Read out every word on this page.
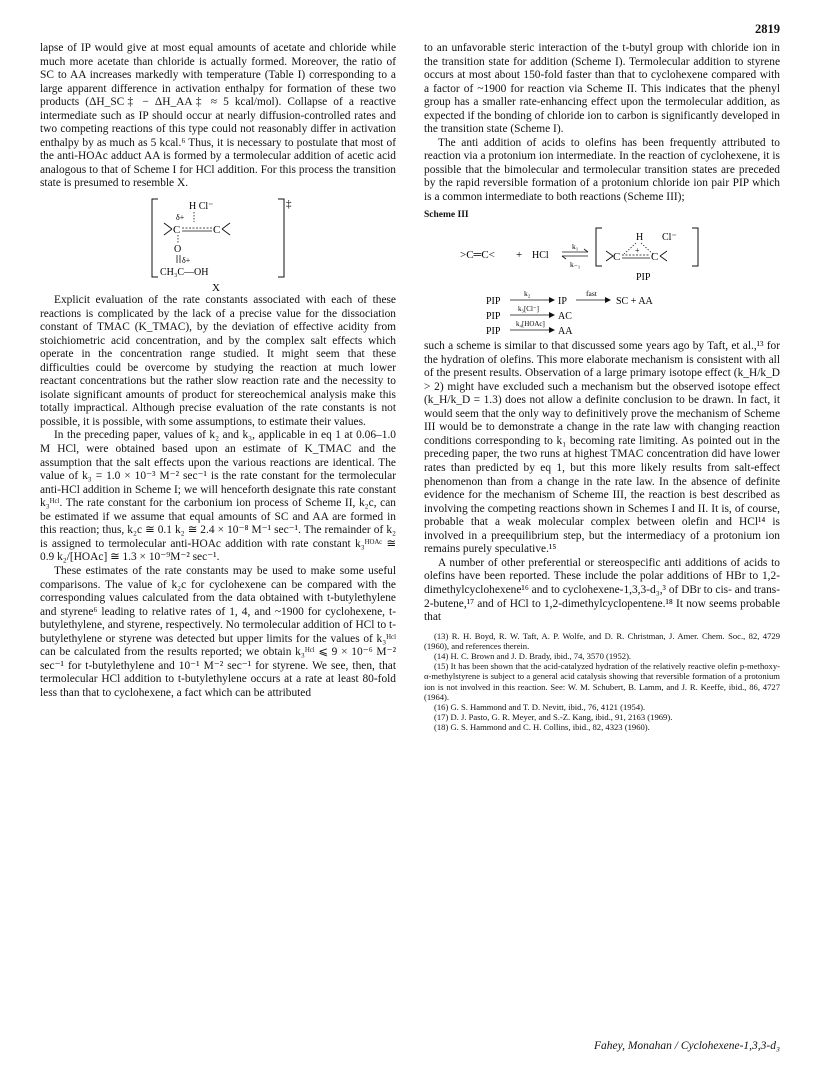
2819

lapse of IP would give at most equal amounts of acetate and chloride while much more acetate than chloride is actually formed. Moreover, the ratio of SC to AA increases markedly with temperature (Table I) corresponding to a large apparent difference in activation enthalpy for formation of these two products (ΔH_SC‡ − ΔH_AA‡ ≈ 5 kcal/mol). Collapse of a reactive intermediate such as IP should occur at nearly diffusion-controlled rates and two competing reactions of this type could not reasonably differ in activation enthalpy by as much as 5 kcal.⁶ Thus, it is necessary to postulate that most of the anti-HOAc adduct AA is formed by a termolecular addition of acetic acid analogous to that of Scheme I for HCl addition. For this process the transition state is presumed to resemble X.

H Cl⁻	‡
δ+
C	C
O
δ+
CH₃C—OH
X

Explicit evaluation of the rate constants associated with each of these reactions is complicated by the lack of a precise value for the dissociation constant of TMAC (K_TMAC), by the deviation of effective acidity from stoichiometric acid concentration, and by the complex salt effects which operate in the concentration range studied. It might seem that these difficulties could be overcome by studying the reaction at much lower reactant concentrations but the rather slow reaction rate and the necessity to isolate significant amounts of product for stereochemical analysis make this totally impractical. Although precise evaluation of the rate constants is not possible, it is possible, with some assumptions, to estimate their values.

In the preceding paper, values of k₂ and k₃, applicable in eq 1 at 0.06–1.0 M HCl, were obtained based upon an estimate of K_TMAC and the assumption that the salt effects upon the various reactions are identical. The value of k₃ = 1.0 × 10⁻³ M⁻² sec⁻¹ is the rate constant for the termolecular anti-HCl addition in Scheme I; we will henceforth designate this rate constant k₃ᴴᶜˡ. The rate constant for the carbonium ion process of Scheme II, k₂c, can be estimated if we assume that equal amounts of SC and AA are formed in this reaction; thus, k₂c ≅ 0.1 k₂ ≅ 2.4 × 10⁻⁸ M⁻¹ sec⁻¹. The remainder of k₂ is assigned to termolecular anti-HOAc addition with rate constant k₃ᴴᴼᴬᶜ ≅ 0.9 k₂/[HOAc] ≅ 1.3 × 10⁻⁹M⁻² sec⁻¹.

These estimates of the rate constants may be used to make some useful comparisons. The value of k₂c for cyclohexene can be compared with the corresponding values calculated from the data obtained with t-butylethylene and styrene⁶ leading to relative rates of 1, 4, and ~1900 for cyclohexene, t-butylethylene, and styrene, respectively. No termolecular addition of HCl to t-butylethylene or styrene was detected but upper limits for the values of k₃ᴴᶜˡ can be calculated from the results reported; we obtain k₃ᴴᶜˡ ⩽ 9 × 10⁻⁶ M⁻² sec⁻¹ for t-butylethylene and 10⁻¹ M⁻² sec⁻¹ for styrene. We see, then, that termolecular HCl addition to t-butylethylene occurs at a rate at least 80-fold less than that to cyclohexene, a fact which can be attributed

to an unfavorable steric interaction of the t-butyl group with chloride ion in the transition state for addition (Scheme I). Termolecular addition to styrene occurs at most about 150-fold faster than that to cyclohexene compared with a factor of ~1900 for reaction via Scheme II. This indicates that the phenyl group has a smaller rate-enhancing effect upon the termolecular addition, as expected if the bonding of chloride ion to carbon is significantly developed in the transition state (Scheme I).

The anti addition of acids to olefins has been frequently attributed to reaction via a protonium ion intermediate. In the reaction of cyclohexene, it is possible that the bimolecular and termolecular transition states are preceded by the rapid reversible formation of a protonium chloride ion pair PIP which is a common intermediate to both reactions (Scheme III);

Scheme III
>C═C< + HCl
k₁
k₋₁
H Cl⁻
+
C	C
PIP
PIP
k₂
IP
fast
SC + AA
PIP
k₃[Cl⁻]
AC
PIP
k₄[HOAc]
AA

such a scheme is similar to that discussed some years ago by Taft, et al.,¹³ for the hydration of olefins. This more elaborate mechanism is consistent with all of the present results. Observation of a large primary isotope effect (k_H/k_D > 2) might have excluded such a mechanism but the observed isotope effect (k_H/k_D = 1.3) does not allow a definite conclusion to be drawn. In fact, it would seem that the only way to definitively prove the mechanism of Scheme III would be to demonstrate a change in the rate law with changing reaction conditions corresponding to k₁ becoming rate limiting. As pointed out in the preceding paper, the two runs at highest TMAC concentration did have lower rates than predicted by eq 1, but this more likely results from salt-effect phenomenon than from a change in the rate law. In the absence of definite evidence for the mechanism of Scheme III, the reaction is best described as involving the competing reactions shown in Schemes I and II. It is, of course, probable that a weak molecular complex between olefin and HCl¹⁴ is involved in a preequilibrium step, but the intermediacy of a protonium ion remains purely speculative.¹⁵

A number of other preferential or stereospecific anti additions of acids to olefins have been reported. These include the polar additions of HBr to 1,2-dimethylcyclohexene¹⁶ and to cyclohexene-1,3,3-d₃,³ of DBr to cis- and trans-2-butene,¹⁷ and of HCl to 1,2-dimethylcyclopentene.¹⁸ It now seems probable that

(13) R. H. Boyd, R. W. Taft, A. P. Wolfe, and D. R. Christman, J. Amer. Chem. Soc., 82, 4729 (1960), and references therein.

(14) H. C. Brown and J. D. Brady, ibid., 74, 3570 (1952).

(15) It has been shown that the acid-catalyzed hydration of the relatively reactive olefin p-methoxy-α-methylstyrene is subject to a general acid catalysis showing that reversible formation of a protonium ion is not involved in this reaction. See: W. M. Schubert, B. Lamm, and J. R. Keeffe, ibid., 86, 4727 (1964).

(16) G. S. Hammond and T. D. Nevitt, ibid., 76, 4121 (1954).

(17) D. J. Pasto, G. R. Meyer, and S.-Z. Kang, ibid., 91, 2163 (1969).

(18) G. S. Hammond and C. H. Collins, ibid., 82, 4323 (1960).

Fahey, Monahan / Cyclohexene-1,3,3-d₃
